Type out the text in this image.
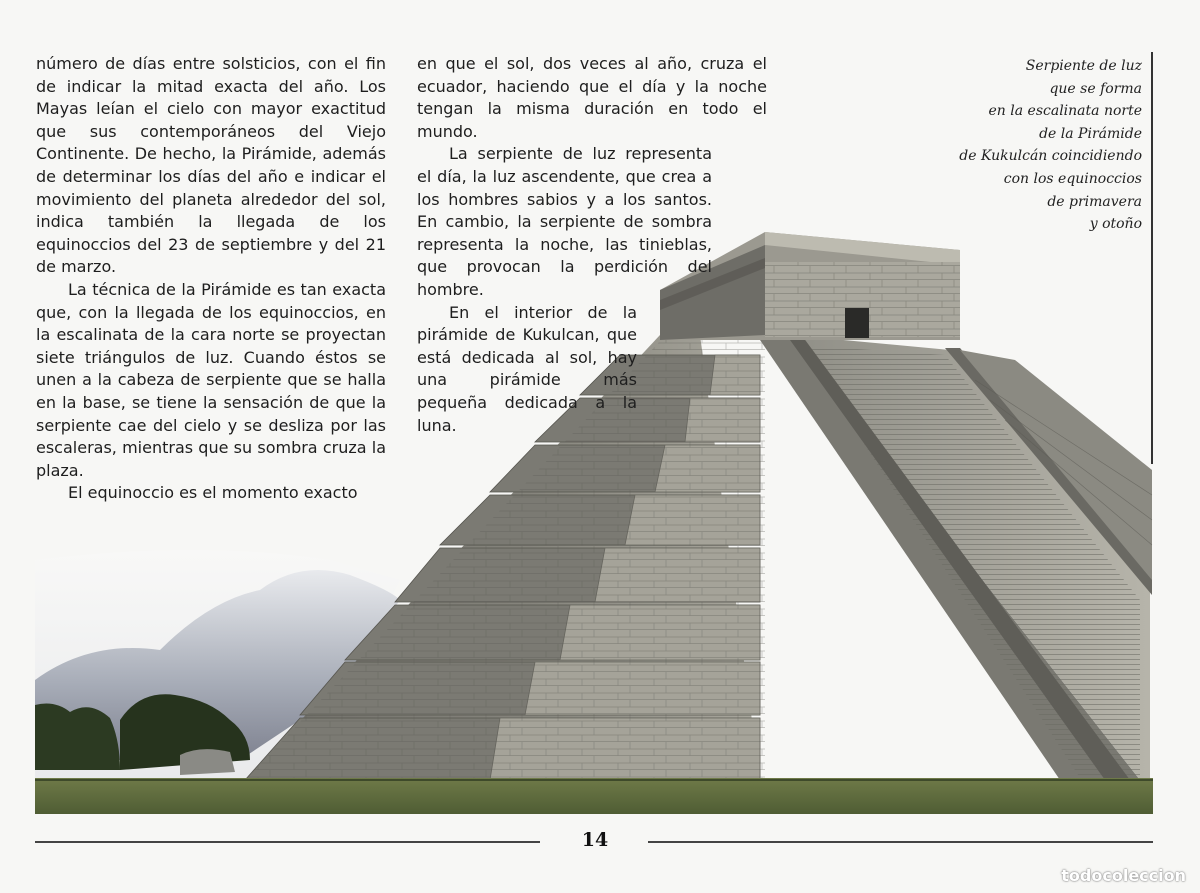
número de días entre solsticios, con el fin de indicar la mitad exacta del año. Los Mayas leían el cielo con mayor exactitud que sus contemporáneos del Viejo Continente. De hecho, la Pirámide, además de determinar los días del año e indicar el movimiento del planeta alrededor del sol, indica también la llegada de los equinoccios del 23 de septiembre y del 21 de marzo.

La técnica de la Pirámide es tan exacta que, con la llegada de los equinoccios, en la escalinata de la cara norte se proyectan siete triángulos de luz. Cuando éstos se unen a la cabeza de serpiente que se halla en la base, se tiene la sensación de que la serpiente cae del cielo y se desliza por las escaleras, mientras que su sombra cruza la plaza.

El equinoccio es el momento exacto

en que el sol, dos veces al año, cruza el ecuador, haciendo que el día y la noche tengan la misma duración en todo el mundo.

La serpiente de luz representa el día, la luz ascendente, que crea a los hombres sabios y a los santos. En cambio, la serpiente de sombra representa la noche, las tinieblas, que provocan la perdición del hombre.

En el interior de la pirámide de Kukulcan, que está dedicada al sol, hay una pirámide más pequeña dedicada a la luna.

Serpiente de luz
que se forma
en la escalinata norte
de la Pirámide
de Kukulcán coincidiendo
con los equinoccios
de primavera
y otoño
14
todocoleccion
